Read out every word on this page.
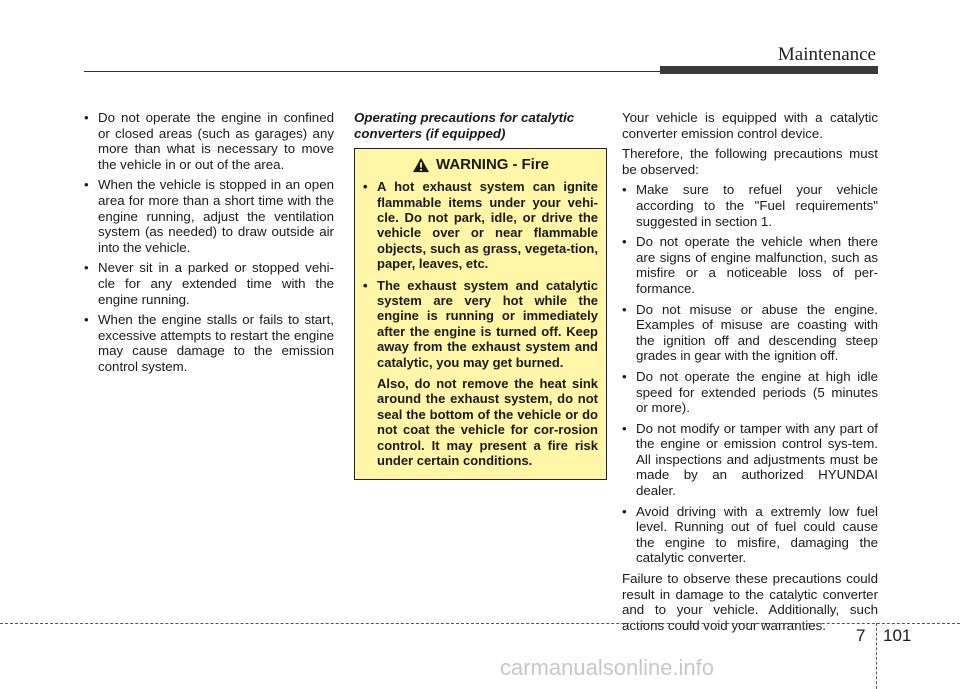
Maintenance
• Do not operate the engine in confined or closed areas (such as garages) any more than what is necessary to move the vehicle in or out of the area.
• When the vehicle is stopped in an open area for more than a short time with the engine running, adjust the ventilation system (as needed) to draw outside air into the vehicle.
• Never sit in a parked or stopped vehi-cle for any extended time with the engine running.
• When the engine stalls or fails to start, excessive attempts to restart the engine may cause damage to the emission control system.
Operating precautions for catalytic converters (if equipped)
WARNING - Fire
• A hot exhaust system can ignite flammable items under your vehi-cle. Do not park, idle, or drive the vehicle over or near flammable objects, such as grass, vegeta-tion, paper, leaves, etc.
• The exhaust system and catalytic system are very hot while the engine is running or immediately after the engine is turned off. Keep away from the exhaust system and catalytic, you may get burned.

Also, do not remove the heat sink around the exhaust system, do not seal the bottom of the vehicle or do not coat the vehicle for cor-rosion control. It may present a fire risk under certain conditions.

Your vehicle is equipped with a catalytic converter emission control device.

Therefore, the following precautions must be observed:

• Make sure to refuel your vehicle according to the "Fuel requirements" suggested in section 1.
• Do not operate the vehicle when there are signs of engine malfunction, such as misfire or a noticeable loss of per-formance.
• Do not misuse or abuse the engine. Examples of misuse are coasting with the ignition off and descending steep grades in gear with the ignition off.
• Do not operate the engine at high idle speed for extended periods (5 minutes or more).
• Do not modify or tamper with any part of the engine or emission control sys-tem. All inspections and adjustments must be made by an authorized HYUNDAI dealer.
• Avoid driving with a extremly low fuel level. Running out of fuel could cause the engine to misfire, damaging the catalytic converter.

Failure to observe these precautions could result in damage to the catalytic converter and to your vehicle. Additionally, such actions could void your warranties.

7 101
carmanualsonline.info
